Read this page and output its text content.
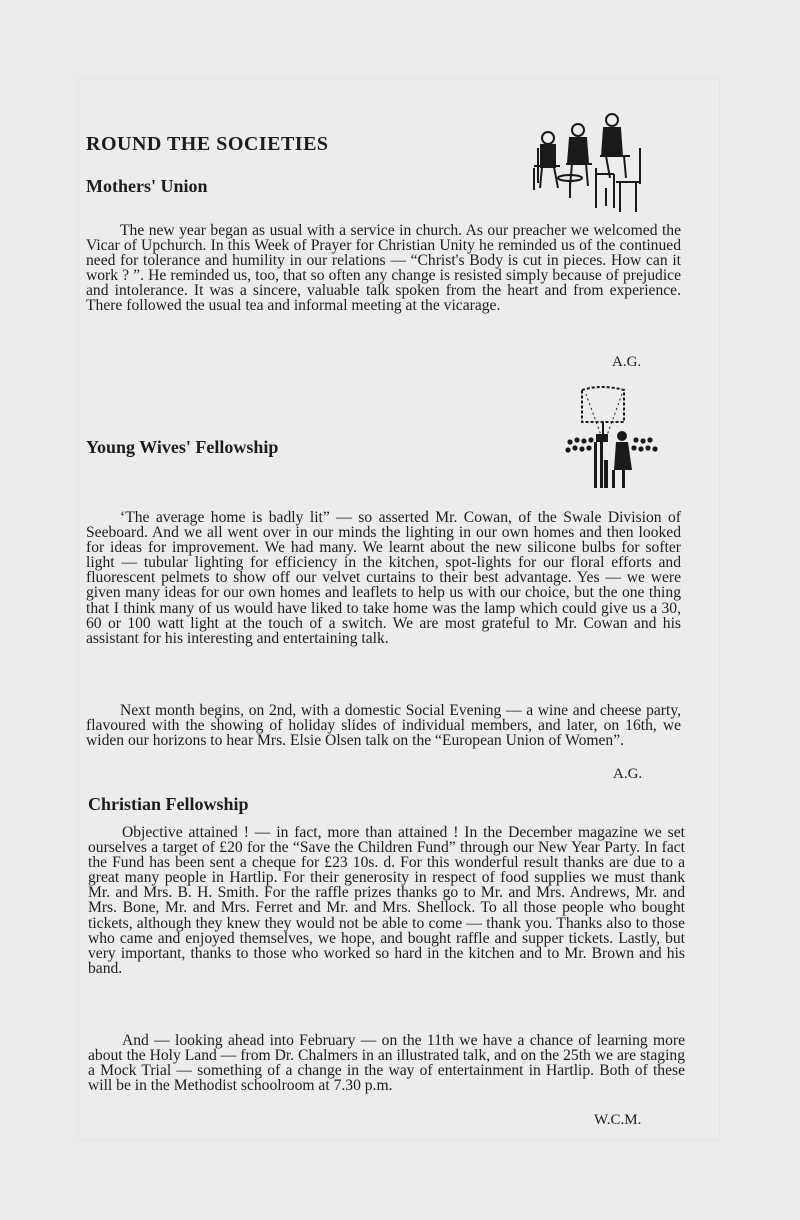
ROUND THE SOCIETIES
Mothers' Union

The new year began as usual with a service in church. As our preacher we welcomed the Vicar of Upchurch. In this Week of Prayer for Christian Unity he reminded us of the continued need for tolerance and humility in our relations — “Christ's Body is cut in pieces. How can it work ? ”. He reminded us, too, that so often any change is resisted simply because of prejudice and intolerance. It was a sincere, valuable talk spoken from the heart and from experience. There followed the usual tea and informal meeting at the vicarage.

A.G.

Young Wives' Fellowship

‘The average home is badly lit” — so asserted Mr. Cowan, of the Swale Division of Seeboard. And we all went over in our minds the lighting in our own homes and then looked for ideas for improvement. We had many. We learnt about the new silicone bulbs for softer light — tubular lighting for efficiency in the kitchen, spot-lights for our floral efforts and fluorescent pelmets to show off our velvet curtains to their best advantage. Yes — we were given many ideas for our own homes and leaflets to help us with our choice, but the one thing that I think many of us would have liked to take home was the lamp which could give us a 30, 60 or 100 watt light at the touch of a switch. We are most grateful to Mr. Cowan and his assistant for his interesting and entertaining talk.

Next month begins, on 2nd, with a domestic Social Evening — a wine and cheese party, flavoured with the showing of holiday slides of individual members, and later, on 16th, we widen our horizons to hear Mrs. Elsie Olsen talk on the “European Union of Women”.

A.G.

Christian Fellowship

Objective attained ! — in fact, more than attained ! In the December magazine we set ourselves a target of £20 for the “Save the Children Fund” through our New Year Party. In fact the Fund has been sent a cheque for £23 10s. d. For this wonderful result thanks are due to a great many people in Hartlip. For their generosity in respect of food supplies we must thank Mr. and Mrs. B. H. Smith. For the raffle prizes thanks go to Mr. and Mrs. Andrews, Mr. and Mrs. Bone, Mr. and Mrs. Ferret and Mr. and Mrs. Shellock. To all those people who bought tickets, although they knew they would not be able to come — thank you. Thanks also to those who came and enjoyed themselves, we hope, and bought raffle and supper tickets. Lastly, but very important, thanks to those who worked so hard in the kitchen and to Mr. Brown and his band.

And — looking ahead into February — on the 11th we have a chance of learning more about the Holy Land — from Dr. Chalmers in an illustrated talk, and on the 25th we are staging a Mock Trial — something of a change in the way of entertainment in Hartlip. Both of these will be in the Methodist schoolroom at 7.30 p.m.

W.C.M.
